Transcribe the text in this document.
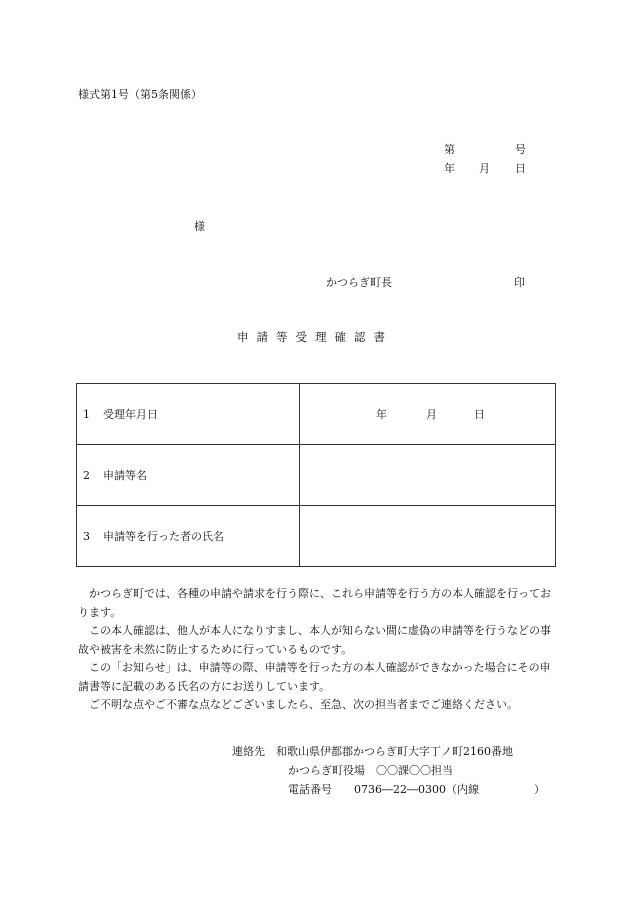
様式第1号（第5条関係）
第	号
年 月 日
様
かつらぎ町長	印
申請等受理確認書
1 受理年月日	年 月 日

2 申請等名	
3 申請等を行った者の氏名	

かつらぎ町では、各種の申請や請求を行う際に、これら申請等を行う方の本人確認を行っております。

この本人確認は、他人が本人になりすまし、本人が知らない間に虚偽の申請等を行うなどの事故や被害を未然に防止するために行っているものです。

この「お知らせ」は、申請等の際、申請等を行った方の本人確認ができなかった場合にその申請書等に記載のある氏名の方にお送りしています。

ご不明な点やご不審な点などございましたら、至急、次の担当者までご連絡ください。

連絡先　和歌山県伊都郡かつらぎ町大字丁ノ町2160番地
かつらぎ町役場　〇〇課〇〇担当
電話番号　　0736―22―0300（内線　　　　　）
